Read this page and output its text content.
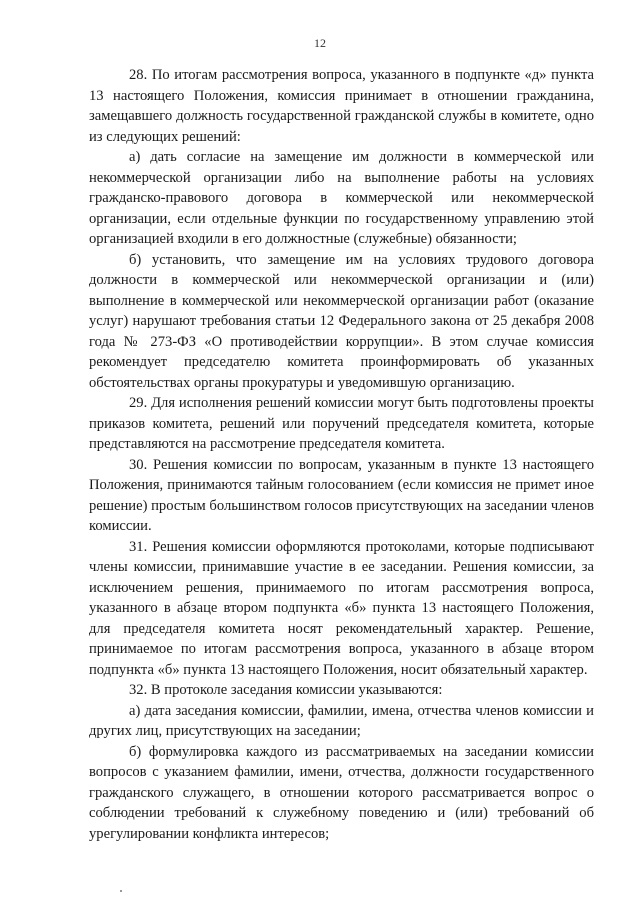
12

28. По итогам рассмотрения вопроса, указанного в подпункте «д» пункта 13 настоящего Положения, комиссия принимает в отношении гражданина, замещавшего должность государственной гражданской службы в комитете, одно из следующих решений:

а) дать согласие на замещение им должности в коммерческой или некоммерческой организации либо на выполнение работы на условиях гражданско-правового договора в коммерческой или некоммерческой организации, если отдельные функции по государственному управлению этой организацией входили в его должностные (служебные) обязанности;

б) установить, что замещение им на условиях трудового договора должности в коммерческой или некоммерческой организации и (или) выполнение в коммерческой или некоммерческой организации работ (оказание услуг) нарушают требования статьи 12 Федерального закона от 25 декабря 2008 года № 273-ФЗ «О противодействии коррупции». В этом случае комиссия рекомендует председателю комитета проинформировать об указанных обстоятельствах органы прокуратуры и уведомившую организацию.

29. Для исполнения решений комиссии могут быть подготовлены проекты приказов комитета, решений или поручений председателя комитета, которые представляются на рассмотрение председателя комитета.

30. Решения комиссии по вопросам, указанным в пункте 13 настоящего Положения, принимаются тайным голосованием (если комиссия не примет иное решение) простым большинством голосов присутствующих на заседании членов комиссии.

31. Решения комиссии оформляются протоколами, которые подписывают члены комиссии, принимавшие участие в ее заседании. Решения комиссии, за исключением решения, принимаемого по итогам рассмотрения вопроса, указанного в абзаце втором подпункта «б» пункта 13 настоящего Положения, для председателя комитета носят рекомендательный характер. Решение, принимаемое по итогам рассмотрения вопроса, указанного в абзаце втором подпункта «б» пункта 13 настоящего Положения, носит обязательный характер.

32. В протоколе заседания комиссии указываются:

а) дата заседания комиссии, фамилии, имена, отчества членов комиссии и других лиц, присутствующих на заседании;

б) формулировка каждого из рассматриваемых на заседании комиссии вопросов с указанием фамилии, имени, отчества, должности государственного гражданского служащего, в отношении которого рассматривается вопрос о соблюдении требований к служебному поведению и (или) требований об урегулировании конфликта интересов;
